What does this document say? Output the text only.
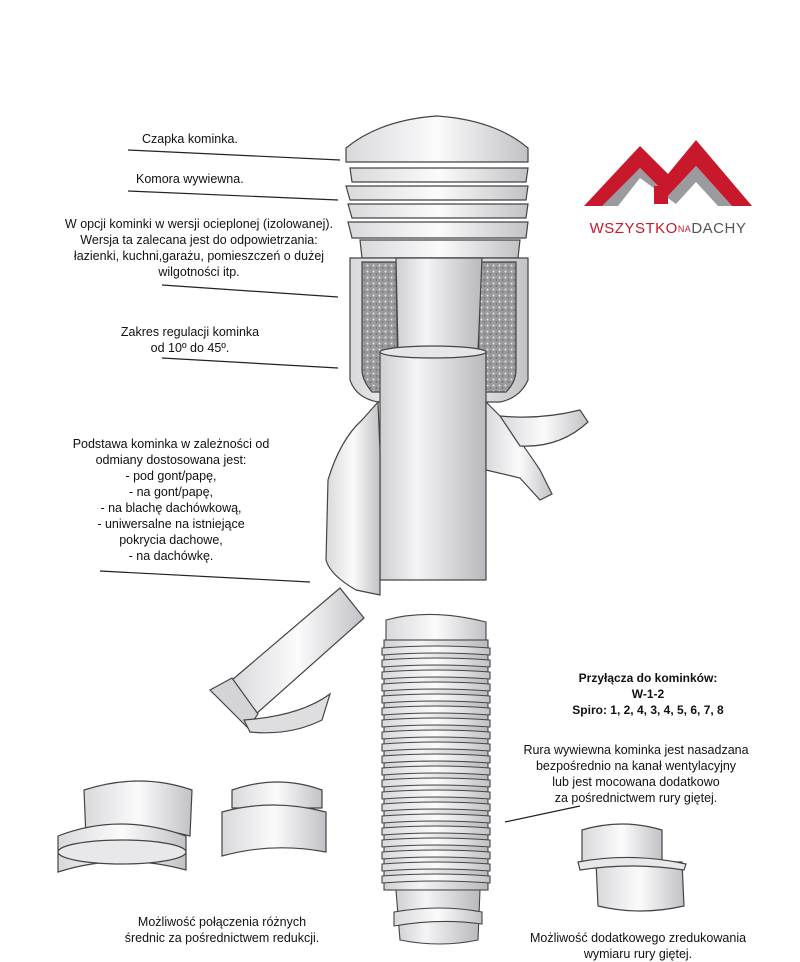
WSZYSTKONADACHY
Czapka kominka.
Komora wywiewna.
W opcji kominki w wersji ocieplonej (izolowanej).
Wersja ta zalecana jest do odpowietrzania:
łazienki, kuchni,garażu, pomieszczeń o dużej
wilgotności itp.
Zakres regulacji kominka
od 10º do 45º.
Podstawa kominka w zależności od
odmiany dostosowana jest:
- pod gont/papę,
- na gont/papę,
- na blachę dachówkową,
- uniwersalne na istniejące
pokrycia dachowe,
- na dachówkę.
Przyłącza do kominków:
W-1-2
Spiro: 1, 2, 4, 3, 4, 5, 6, 7, 8
Rura wywiewna kominka jest nasadzana
bezpośrednio na kanał wentylacyjny
lub jest mocowana dodatkowo
za pośrednictwem rury giętej.
Możliwość połączenia różnych
średnic za pośrednictwem redukcji.	Możliwość dodatkowego zredukowania
wymiaru rury giętej.
